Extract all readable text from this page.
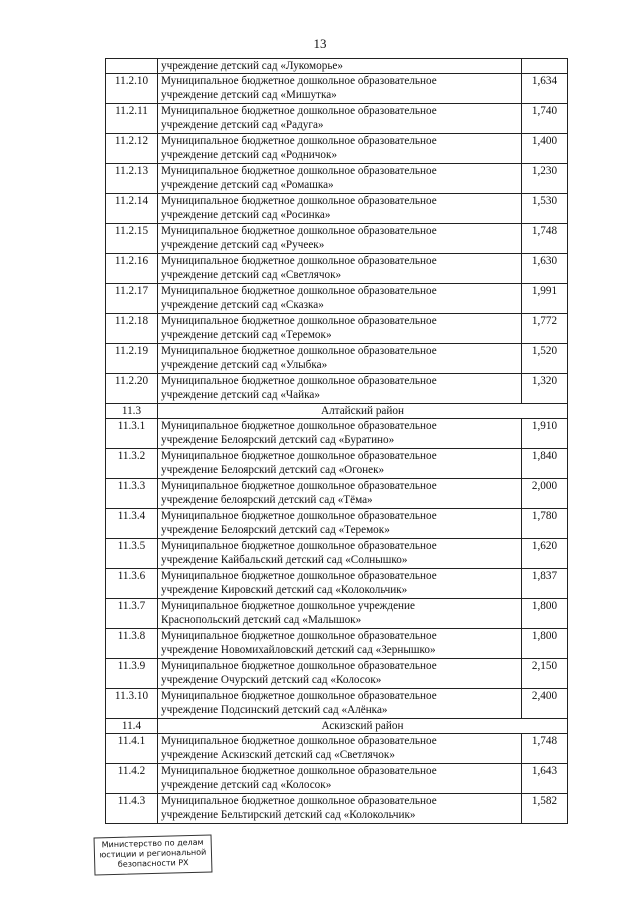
13
	учреждение детский сад «Лукоморье»	
11.2.10	Муниципальное бюджетное дошкольное образовательное
учреждение детский сад «Мишутка»	1,634
11.2.11	Муниципальное бюджетное дошкольное образовательное
учреждение детский сад «Радуга»	1,740
11.2.12	Муниципальное бюджетное дошкольное образовательное
учреждение детский сад «Родничок»	1,400
11.2.13	Муниципальное бюджетное дошкольное образовательное
учреждение детский сад «Ромашка»	1,230
11.2.14	Муниципальное бюджетное дошкольное образовательное
учреждение детский сад «Росинка»	1,530
11.2.15	Муниципальное бюджетное дошкольное образовательное
учреждение детский сад «Ручеек»	1,748
11.2.16	Муниципальное бюджетное дошкольное образовательное
учреждение детский сад «Светлячок»	1,630
11.2.17	Муниципальное бюджетное дошкольное образовательное
учреждение детский сад «Сказка»	1,991
11.2.18	Муниципальное бюджетное дошкольное образовательное
учреждение детский сад «Теремок»	1,772
11.2.19	Муниципальное бюджетное дошкольное образовательное
учреждение детский сад «Улыбка»	1,520
11.2.20	Муниципальное бюджетное дошкольное образовательное
учреждение детский сад «Чайка»	1,320
11.3	Алтайский район	
11.3.1	Муниципальное бюджетное дошкольное образовательное
учреждение Белоярский детский сад «Буратино»	1,910
11.3.2	Муниципальное бюджетное дошкольное образовательное
учреждение Белоярский детский сад «Огонек»	1,840
11.3.3	Муниципальное бюджетное дошкольное образовательное
учреждение белоярский детский сад «Тёма»	2,000
11.3.4	Муниципальное бюджетное дошкольное образовательное
учреждение Белоярский детский сад «Теремок»	1,780
11.3.5	Муниципальное бюджетное дошкольное образовательное
учреждение Кайбальский детский сад «Солнышко»	1,620
11.3.6	Муниципальное бюджетное дошкольное образовательное
учреждение Кировский детский сад «Колокольчик»	1,837
11.3.7	Муниципальное бюджетное дошкольное учреждение
Краснопольский детский сад «Малышок»	1,800
11.3.8	Муниципальное бюджетное дошкольное образовательное
учреждение Новомихайловский детский сад «Зернышко»	1,800
11.3.9	Муниципальное бюджетное дошкольное образовательное
учреждение Очурский детский сад «Колосок»	2,150
11.3.10	Муниципальное бюджетное дошкольное образовательное
учреждение Подсинский детский сад «Алёнка»	2,400
11.4	Аскизский район	
11.4.1	Муниципальное бюджетное дошкольное образовательное
учреждение Аскизский детский сад «Светлячок»	1,748
11.4.2	Муниципальное бюджетное дошкольное образовательное
учреждение детский сад «Колосок»	1,643
11.4.3	Муниципальное бюджетное дошкольное образовательное
учреждение Бельтирский детский сад «Колокольчик»	1,582
Министерство по делам
юстиции и региональной
безопасности РХ
